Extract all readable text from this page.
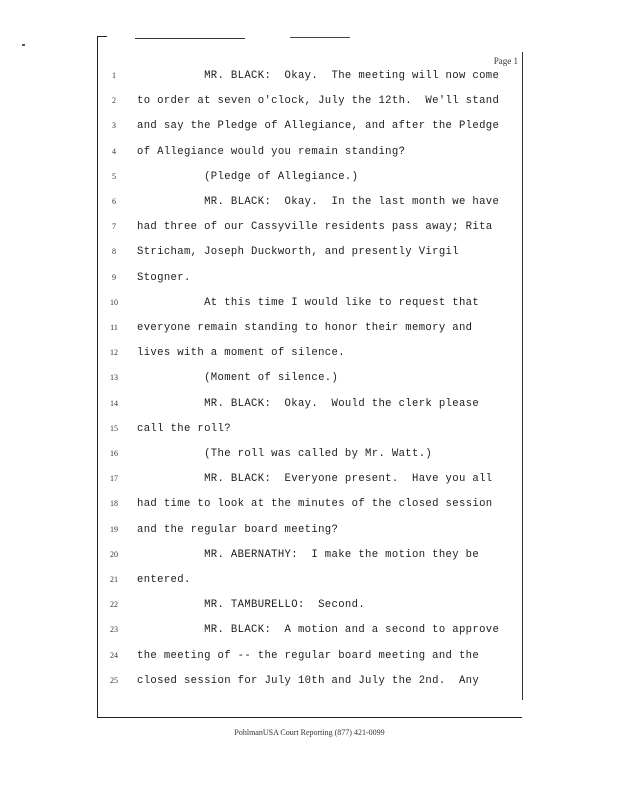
Page 1
1	MR. BLACK:  Okay.  The meeting will now come
2	to order at seven o'clock, July the 12th.  We'll stand
3	and say the Pledge of Allegiance, and after the Pledge
4	of Allegiance would you remain standing?
5	(Pledge of Allegiance.)
6	MR. BLACK:  Okay.  In the last month we have
7	had three of our Cassyville residents pass away; Rita
8	Stricham, Joseph Duckworth, and presently Virgil
9	Stogner.
10	At this time I would like to request that
11	everyone remain standing to honor their memory and
12	lives with a moment of silence.
13	(Moment of silence.)
14	MR. BLACK:  Okay.  Would the clerk please
15	call the roll?
16	(The roll was called by Mr. Watt.)
17	MR. BLACK:  Everyone present.  Have you all
18	had time to look at the minutes of the closed session
19	and the regular board meeting?
20	MR. ABERNATHY:  I make the motion they be
21	entered.
22	MR. TAMBURELLO:  Second.
23	MR. BLACK:  A motion and a second to approve
24	the meeting of -- the regular board meeting and the
25	closed session for July 10th and July the 2nd.  Any
PohlmanUSA Court Reporting (877) 421-0099
